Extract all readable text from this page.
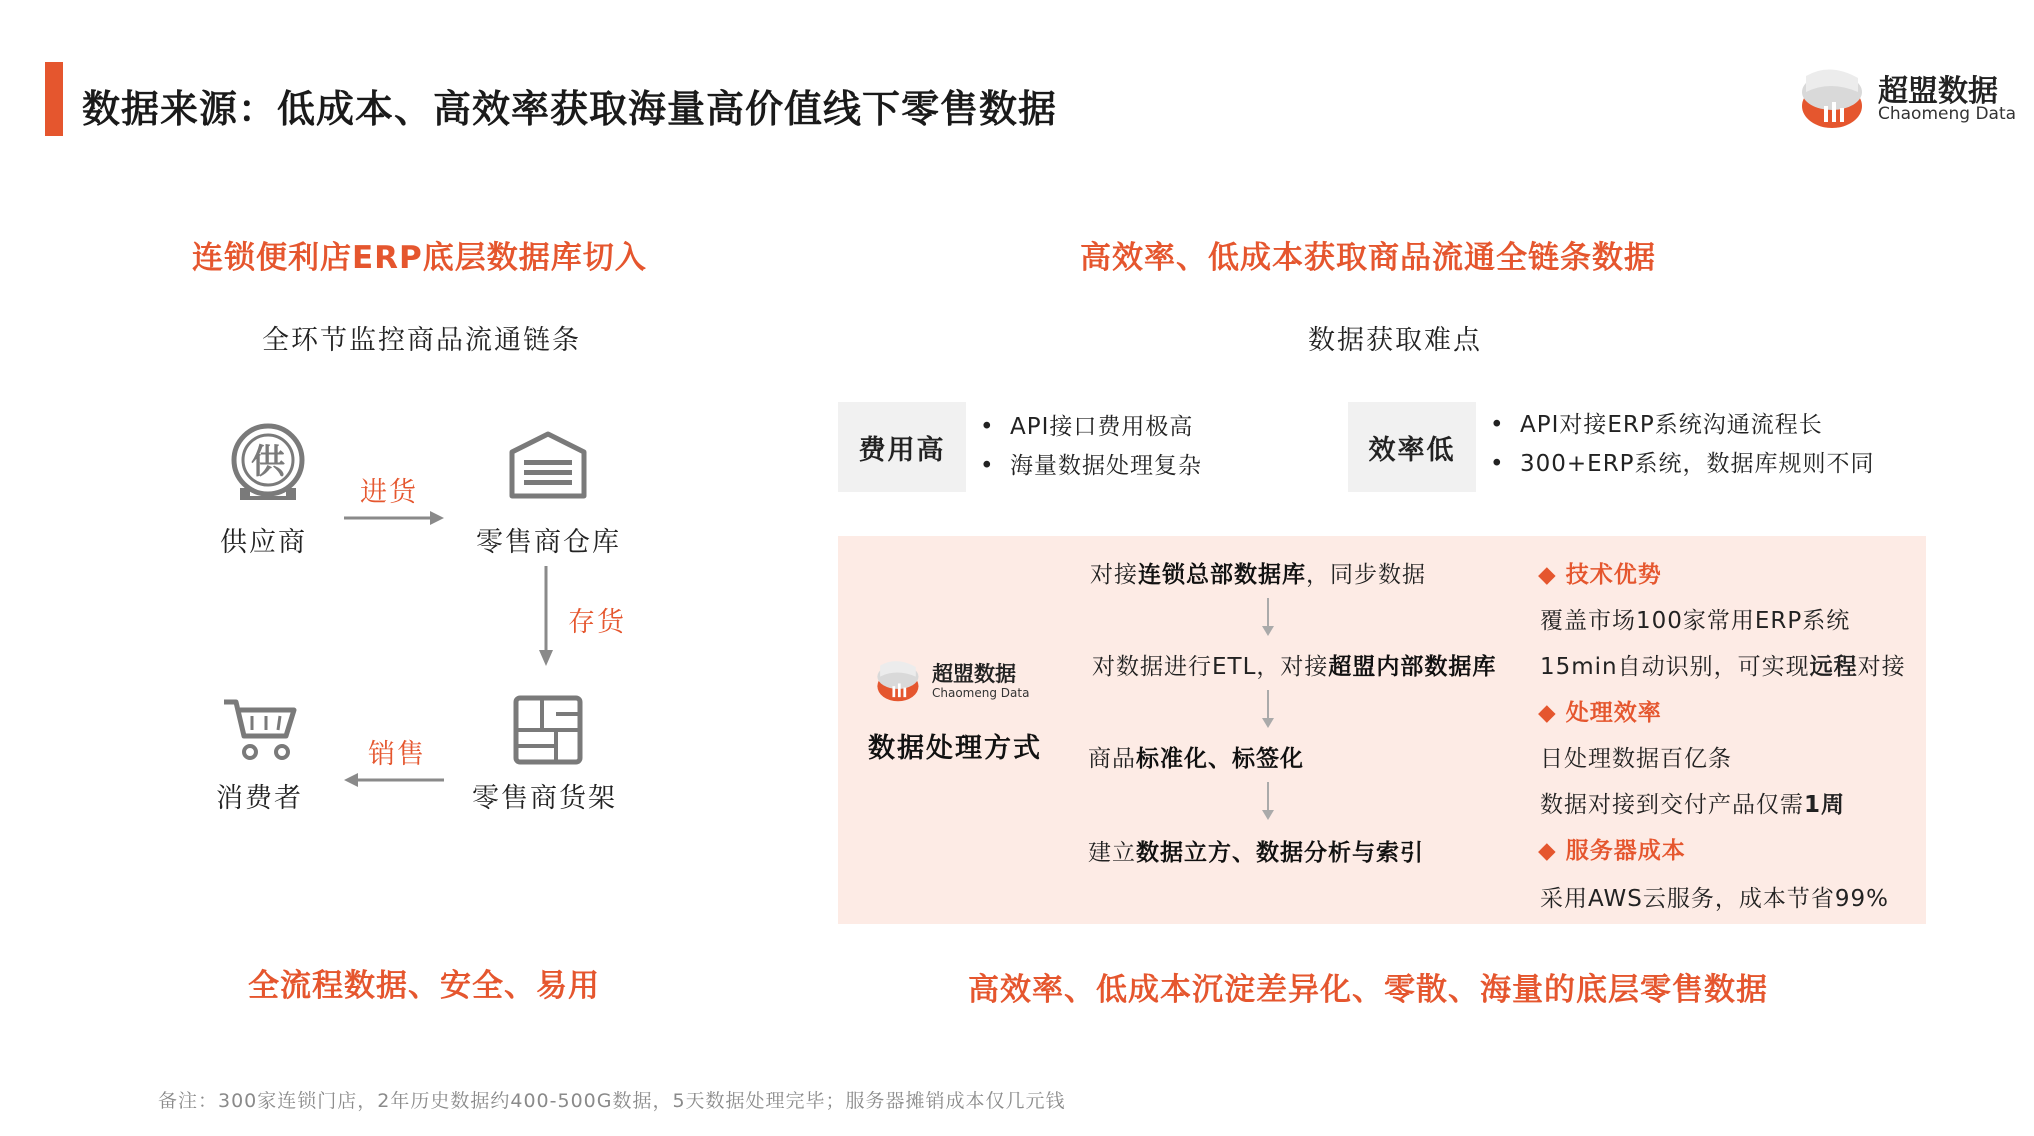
数据来源：低成本、高效率获取海量高价值线下零售数据	超盟数据
Chaomeng Data
连锁便利店ERP底层数据库切入
全环节监控商品流通链条
供
供应商
进货
零售商仓库
存货
零售商货架
销售
消费者
全流程数据、安全、易用
高效率、低成本获取商品流通全链条数据
数据获取难点
费用高
• API接口费用极高
• 海量数据处理复杂
效率低
• API对接ERP系统沟通流程长
• 300+ERP系统，数据库规则不同
超盟数据
Chaomeng Data
数据处理方式
对接连锁总部数据库，同步数据
对数据进行ETL，对接超盟内部数据库
商品标准化、标签化
建立数据立方、数据分析与索引
◆ 技术优势
覆盖市场100家常用ERP系统
15min自动识别，可实现远程对接
◆ 处理效率
日处理数据百亿条
数据对接到交付产品仅需1周
◆ 服务器成本
采用AWS云服务，成本节省99%
高效率、低成本沉淀差异化、零散、海量的底层零售数据
备注：300家连锁门店，2年历史数据约400-500G数据，5天数据处理完毕；服务器摊销成本仅几元钱
